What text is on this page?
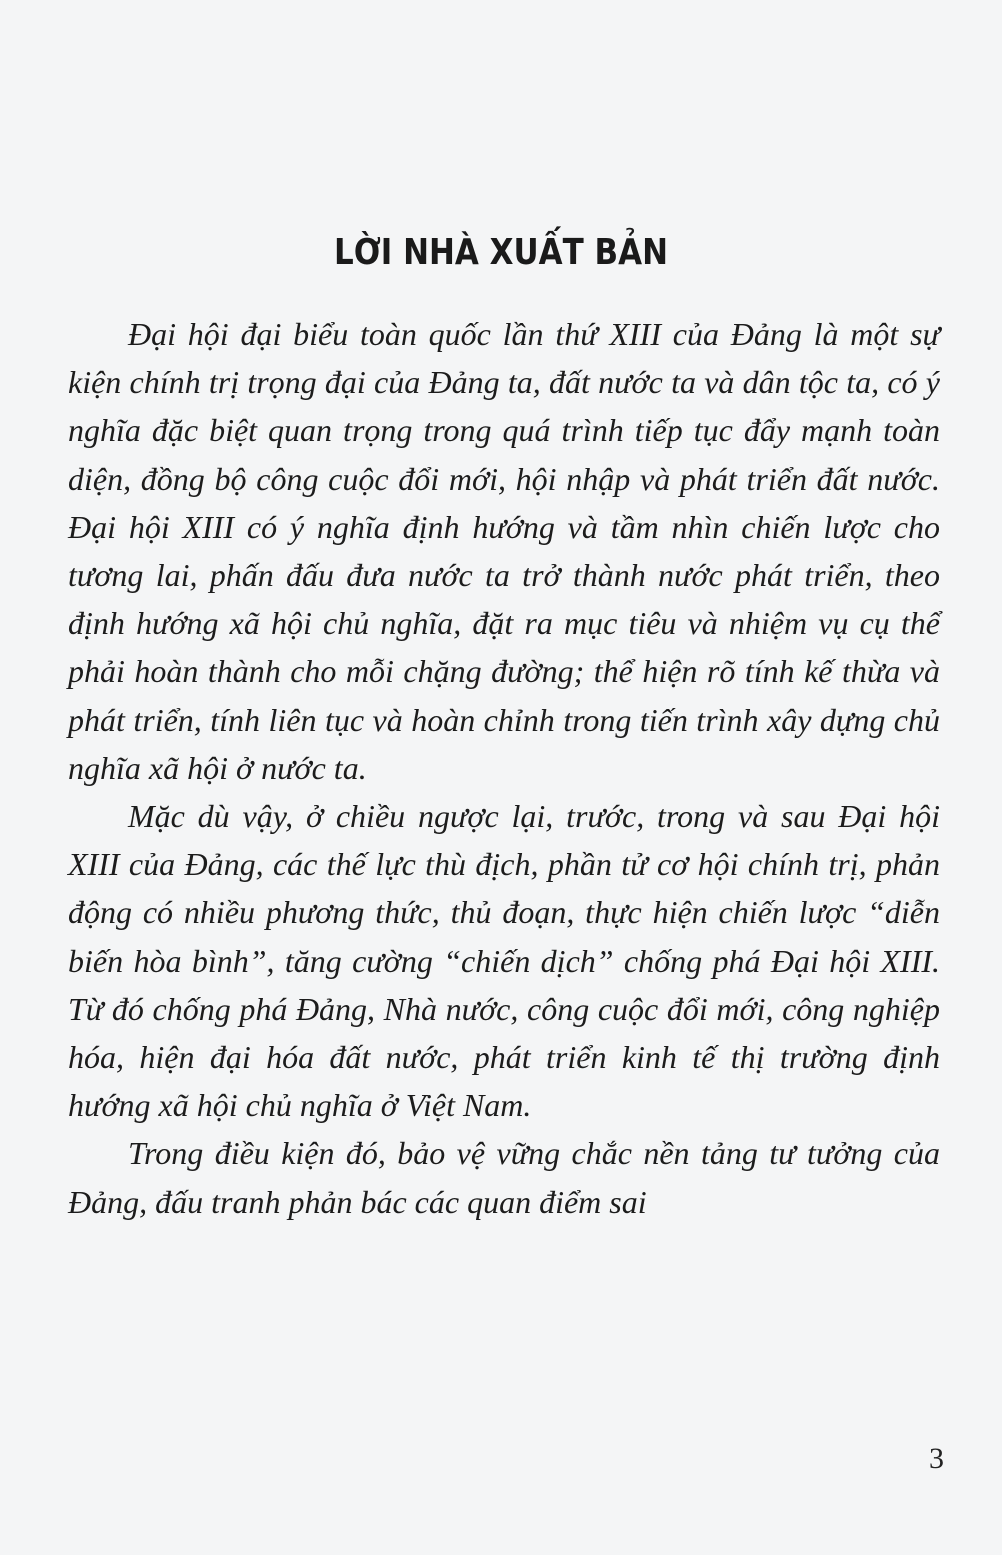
LỜI NHÀ XUẤT BẢN

Đại hội đại biểu toàn quốc lần thứ XIII của Đảng là một sự kiện chính trị trọng đại của Đảng ta, đất nước ta và dân tộc ta, có ý nghĩa đặc biệt quan trọng trong quá trình tiếp tục đẩy mạnh toàn diện, đồng bộ công cuộc đổi mới, hội nhập và phát triển đất nước. Đại hội XIII có ý nghĩa định hướng và tầm nhìn chiến lược cho tương lai, phấn đấu đưa nước ta trở thành nước phát triển, theo định hướng xã hội chủ nghĩa, đặt ra mục tiêu và nhiệm vụ cụ thể phải hoàn thành cho mỗi chặng đường; thể hiện rõ tính kế thừa và phát triển, tính liên tục và hoàn chỉnh trong tiến trình xây dựng chủ nghĩa xã hội ở nước ta.

Mặc dù vậy, ở chiều ngược lại, trước, trong và sau Đại hội XIII của Đảng, các thế lực thù địch, phần tử cơ hội chính trị, phản động có nhiều phương thức, thủ đoạn, thực hiện chiến lược “diễn biến hòa bình”, tăng cường “chiến dịch” chống phá Đại hội XIII. Từ đó chống phá Đảng, Nhà nước, công cuộc đổi mới, công nghiệp hóa, hiện đại hóa đất nước, phát triển kinh tế thị trường định hướng xã hội chủ nghĩa ở Việt Nam.

Trong điều kiện đó, bảo vệ vững chắc nền tảng tư tưởng của Đảng, đấu tranh phản bác các quan điểm sai

3
